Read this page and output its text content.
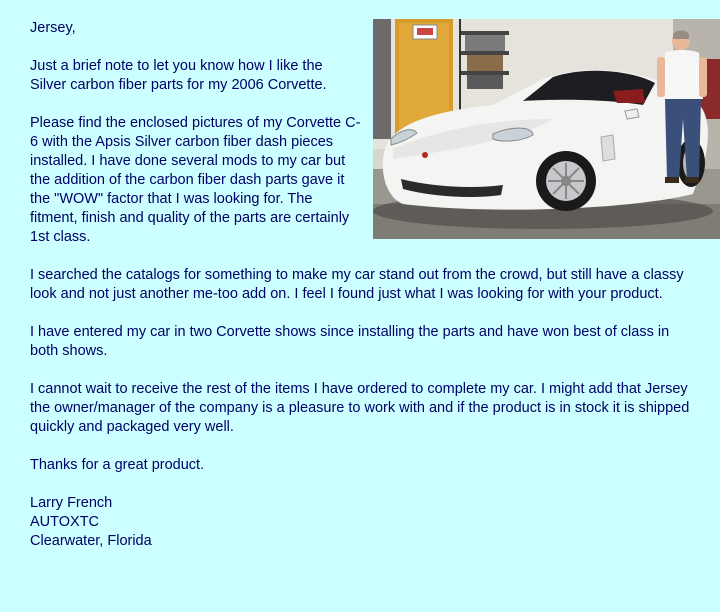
Jersey,

Just a brief note to let you know how I like the Silver carbon fiber parts for my 2006 Corvette.

Please find the enclosed pictures of my Corvette C-6 with the Apsis Silver carbon fiber dash pieces installed. I have done several mods to my car but the addition of the carbon fiber dash parts gave it the "WOW" factor that I was looking for. The fitment, finish and quality of the parts are certainly 1st class.

I searched the catalogs for something to make my car stand out from the crowd, but still have a classy look and not just another me-too add on. I feel I found just what I was looking for with your product.

I have entered my car in two Corvette shows since installing the parts and have won best of class in both shows.

I cannot wait to receive the rest of the items I have ordered to complete my car. I might add that Jersey the owner/manager of the company is a pleasure to work with and if the product is in stock it is shipped quickly and packaged very well.

Thanks for a great product.

Larry French
AUTOXTC
Clearwater, Florida
